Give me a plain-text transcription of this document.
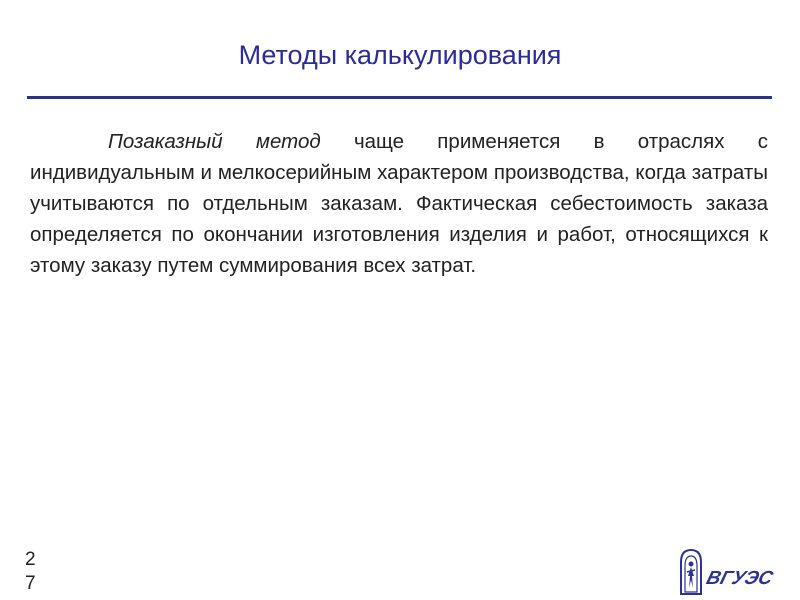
Методы калькулирования
Позаказный метод чаще применяется в отраслях с индивидуальным и мелкосерийным характером производства, когда затраты учитываются по отдельным заказам. Фактическая себестоимость заказа определяется по окончании изготовления изделия и работ, относящихся к этому заказу путем суммирования всех затрат.
2
7	ВГУЭС
